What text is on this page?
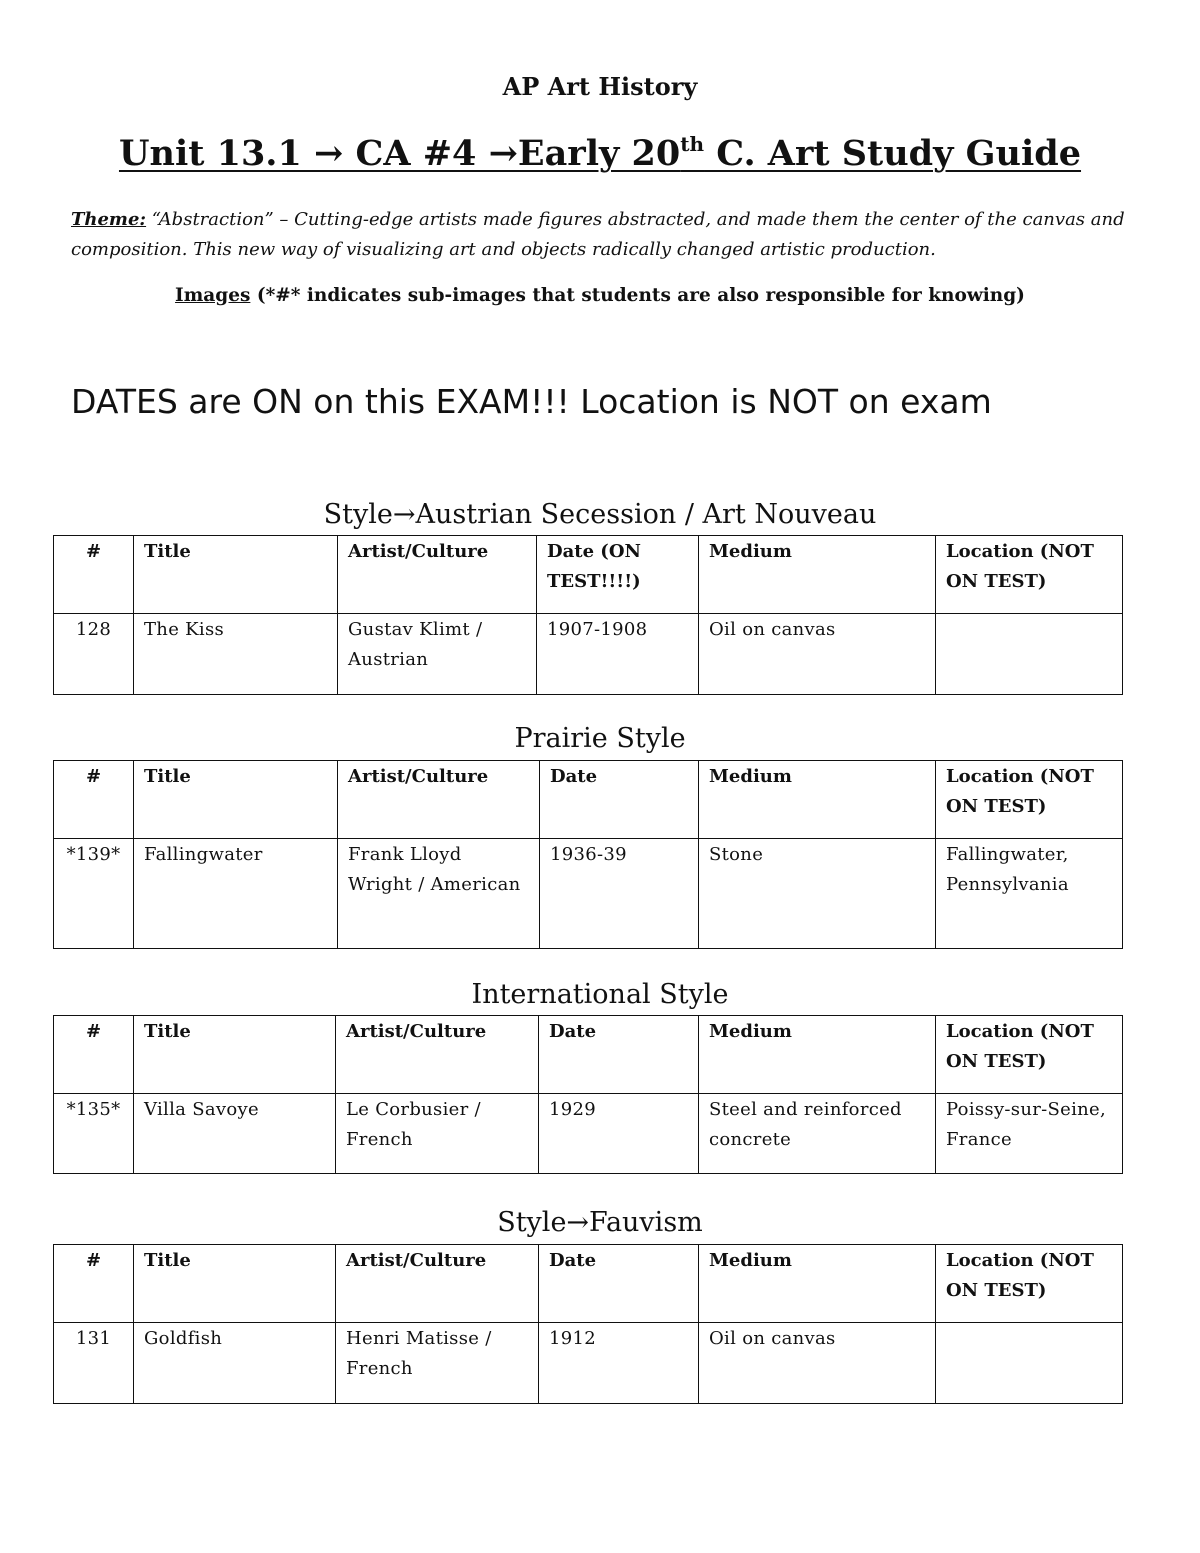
AP Art History
Unit 13.1 → CA #4 →Early 20th C. Art Study Guide
Theme: “Abstraction” – Cutting-edge artists made figures abstracted, and made them the center of the canvas and composition. This new way of visualizing art and objects radically changed artistic production.
Images (*#* indicates sub-images that students are also responsible for knowing)
DATES are ON on this EXAM!!! Location is NOT on exam
Style→Austrian Secession / Art Nouveau
#	Title	Artist/Culture	Date (ON TEST!!!!)	Medium	Location (NOT ON TEST)
128	The Kiss	Gustav Klimt / Austrian	1907-1908	Oil on canvas	
Prairie Style
#	Title	Artist/Culture	Date	Medium	Location (NOT ON TEST)
*139*	Fallingwater	Frank Lloyd Wright / American	1936-39	Stone	Fallingwater, Pennsylvania
International Style
#	Title	Artist/Culture	Date	Medium	Location (NOT ON TEST)
*135*	Villa Savoye	Le Corbusier / French	1929	Steel and reinforced concrete	Poissy-sur-Seine, France
Style→Fauvism
#	Title	Artist/Culture	Date	Medium	Location (NOT ON TEST)
131	Goldfish	Henri Matisse / French	1912	Oil on canvas	
